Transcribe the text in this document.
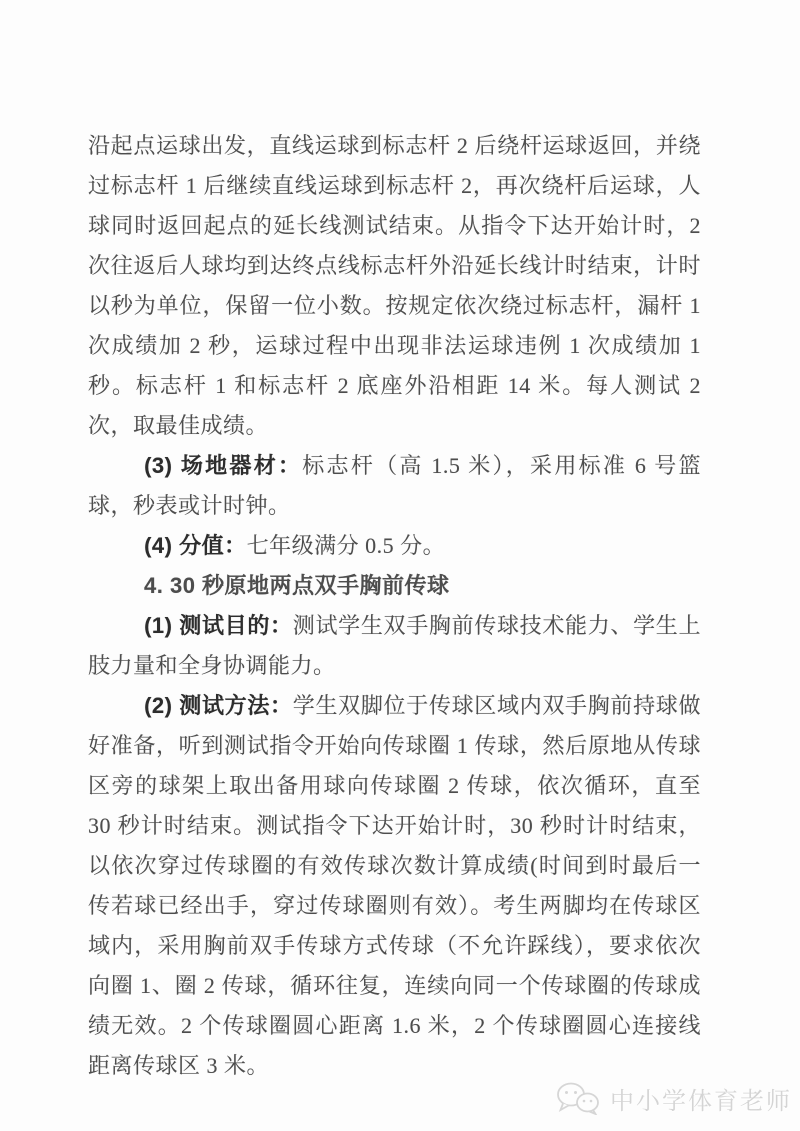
沿起点运球出发，直线运球到标志杆 2 后绕杆运球返回，并绕过标志杆 1 后继续直线运球到标志杆 2，再次绕杆后运球，人球同时返回起点的延长线测试结束。从指令下达开始计时，2 次往返后人球均到达终点线标志杆外沿延长线计时结束，计时以秒为单位，保留一位小数。按规定依次绕过标志杆，漏杆 1 次成绩加 2 秒，运球过程中出现非法运球违例 1 次成绩加 1 秒。标志杆 1 和标志杆 2 底座外沿相距 14 米。每人测试 2 次，取最佳成绩。

(3) 场地器材：标志杆（高 1.5 米），采用标准 6 号篮球，秒表或计时钟。

(4) 分值：七年级满分 0.5 分。

4. 30 秒原地两点双手胸前传球

(1) 测试目的：测试学生双手胸前传球技术能力、学生上肢力量和全身协调能力。

(2) 测试方法：学生双脚位于传球区域内双手胸前持球做好准备，听到测试指令开始向传球圈 1 传球，然后原地从传球区旁的球架上取出备用球向传球圈 2 传球，依次循环，直至 30 秒计时结束。测试指令下达开始计时，30 秒时计时结束，以依次穿过传球圈的有效传球次数计算成绩(时间到时最后一传若球已经出手，穿过传球圈则有效）。考生两脚均在传球区域内，采用胸前双手传球方式传球（不允许踩线），要求依次向圈 1、圈 2 传球，循环往复，连续向同一个传球圈的传球成绩无效。2 个传球圈圆心距离 1.6 米，2 个传球圈圆心连接线距离传球区 3 米。

中小学体育老师
